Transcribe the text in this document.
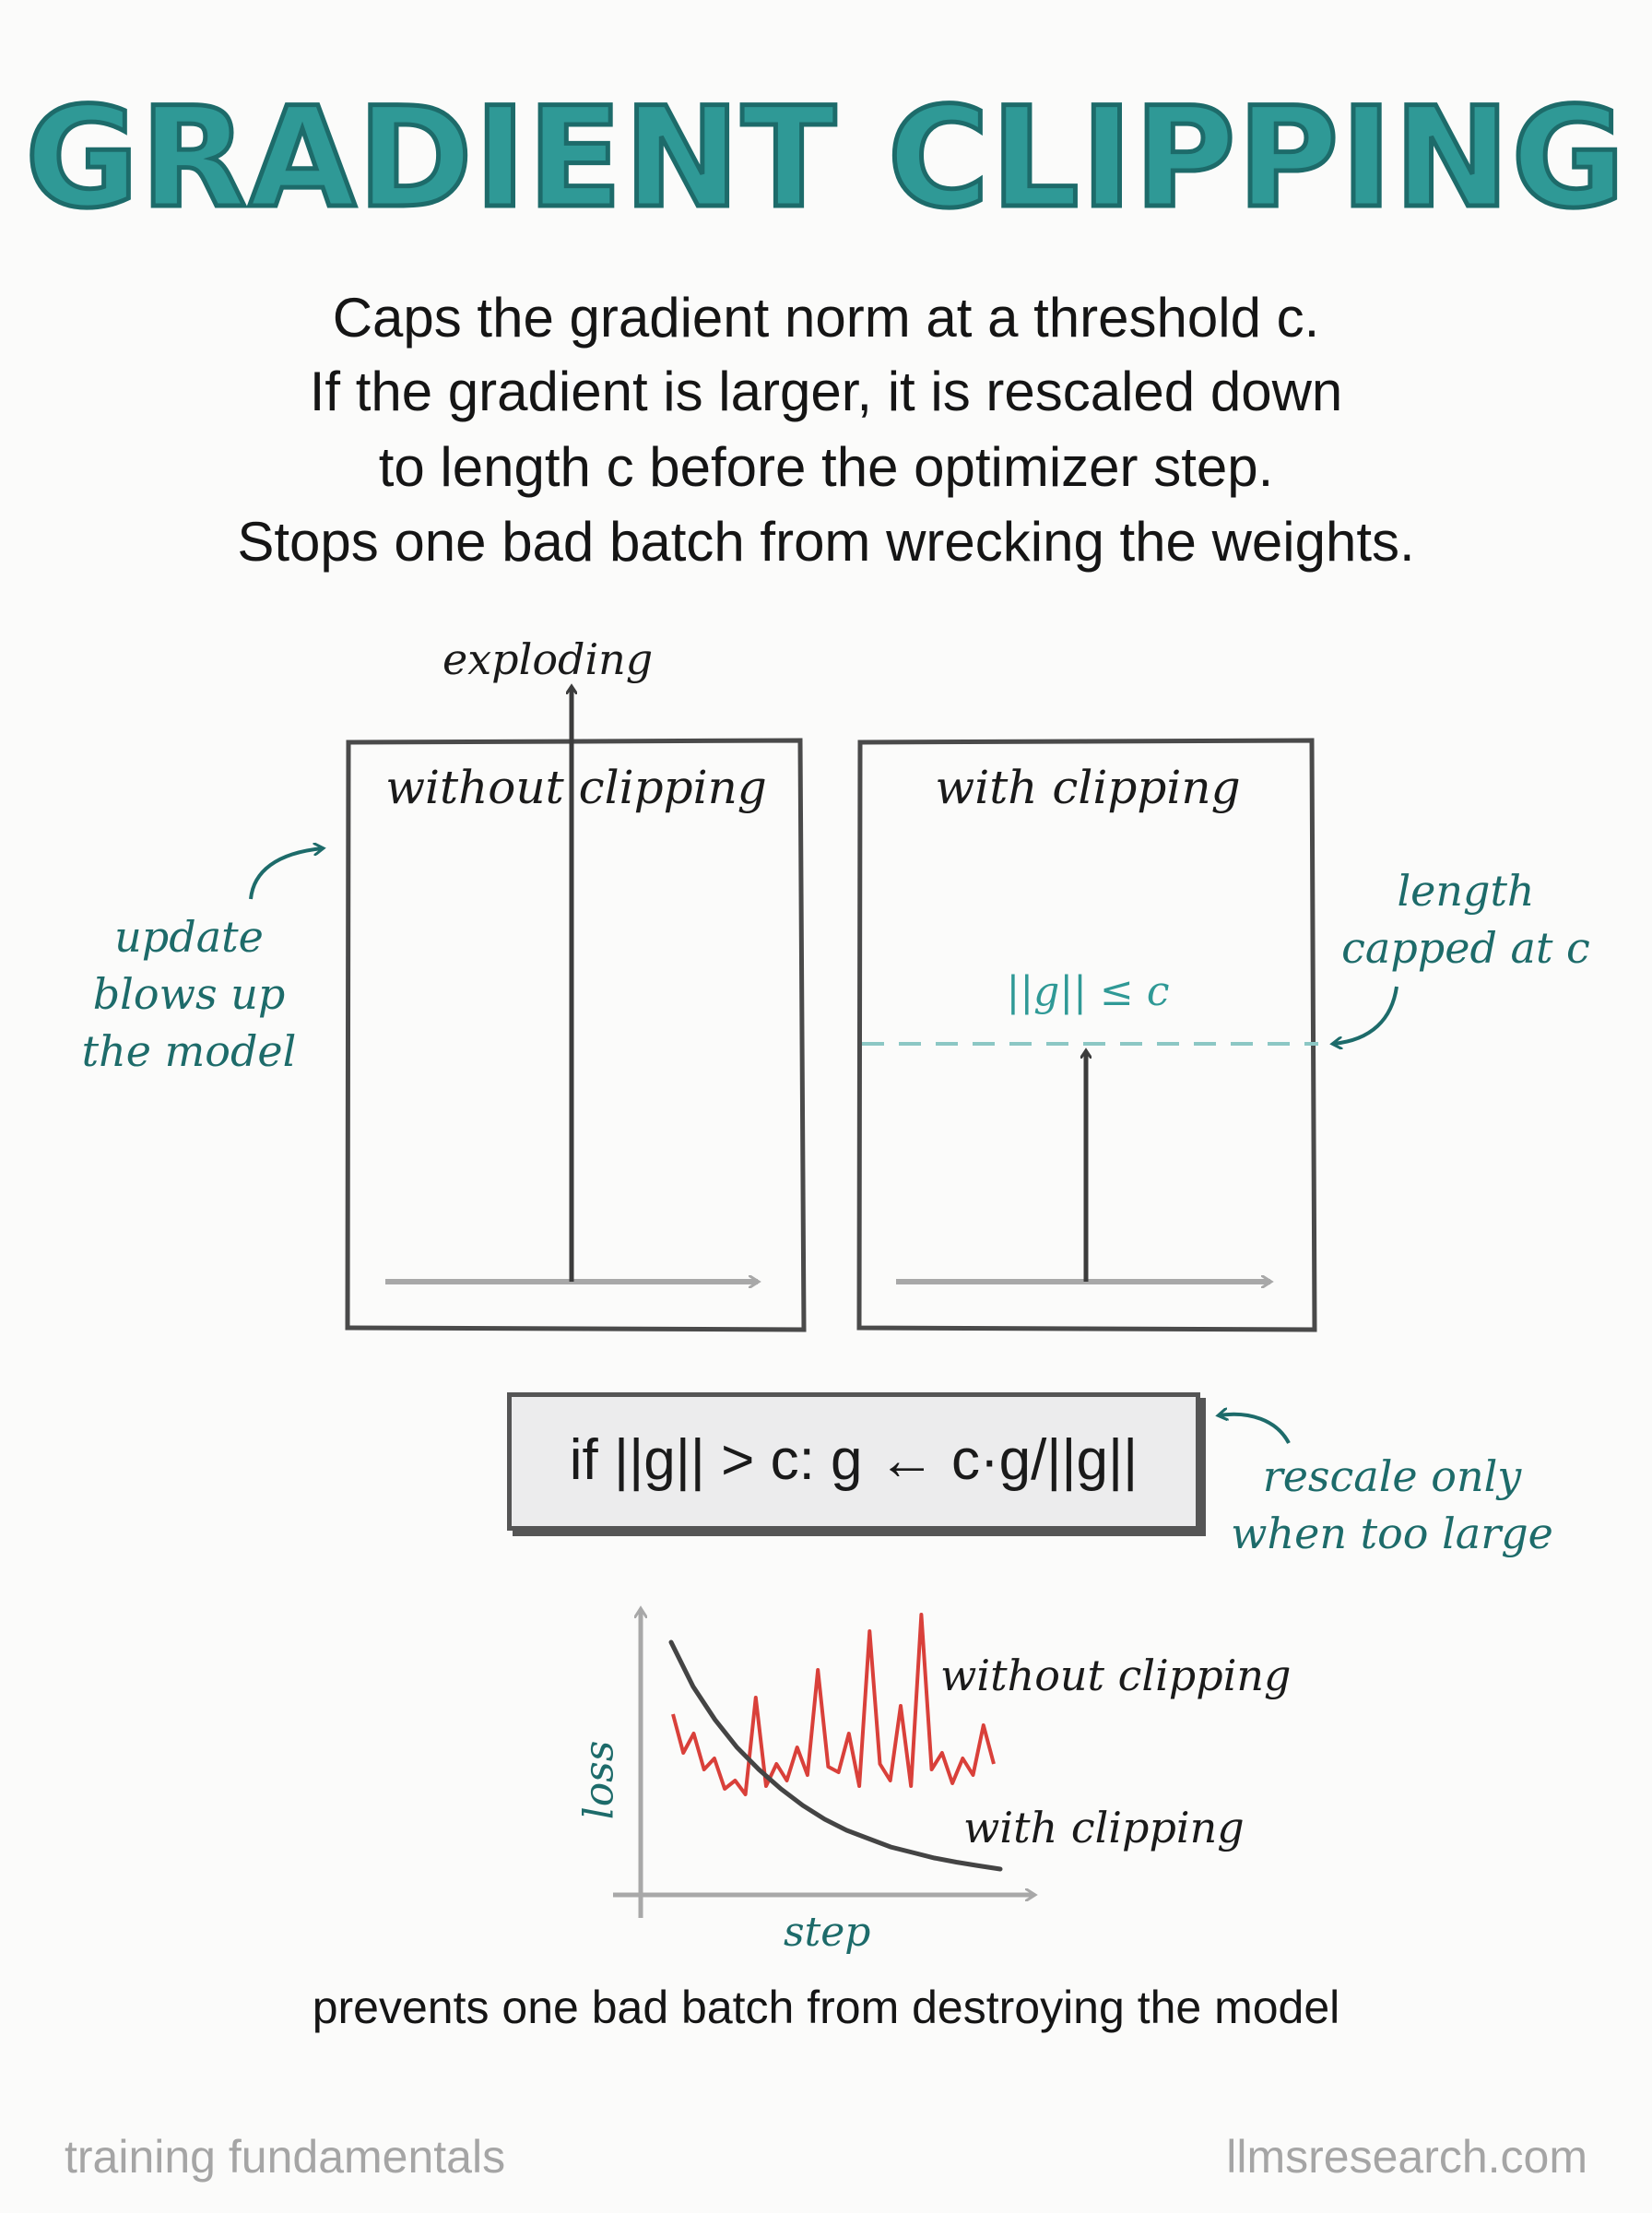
GRADIENT CLIPPING
Caps the gradient norm at a threshold c.
If the gradient is larger, it is rescaled down
to length c before the optimizer step.
Stops one bad batch from wrecking the weights.
exploding
without clipping
update
blows up
the model
with clipping
||g|| ≤ c
length
capped at c
if ||g|| > c: g ← c·g/||g||	rescale only
when too large
without clipping
with clipping
loss
step
prevents one bad batch from destroying the model
training fundamentals	llmsresearch.com
